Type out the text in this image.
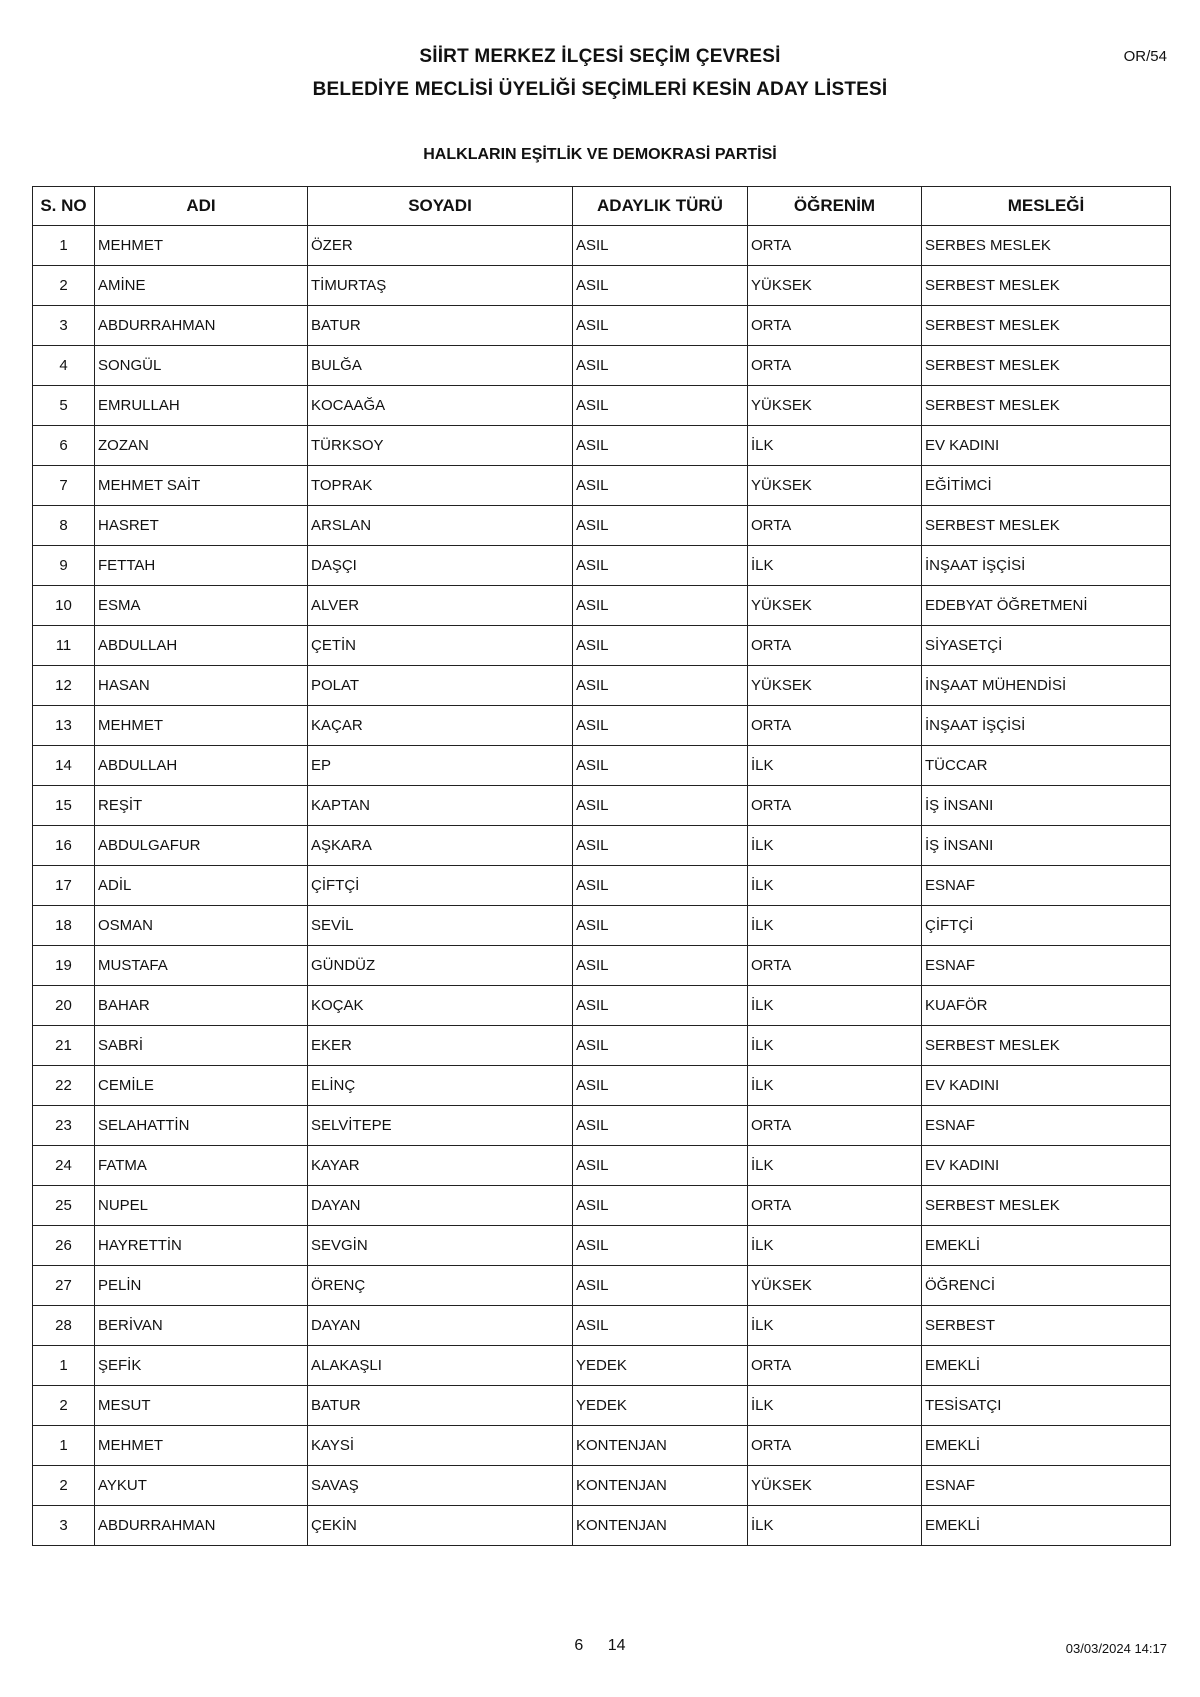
SİİRT MERKEZ İLÇESİ SEÇİM ÇEVRESİ
BELEDİYE MECLİSİ ÜYELİĞİ SEÇİMLERİ KESİN ADAY LİSTESİ
OR/54
HALKLARIN EŞİTLİK VE DEMOKRASİ PARTİSİ
S. NO	ADI	SOYADI	ADAYLIK TÜRÜ	ÖĞRENİM	MESLEĞİ
1	MEHMET	ÖZER	ASIL	ORTA	SERBES MESLEK
2	AMİNE	TİMURTAŞ	ASIL	YÜKSEK	SERBEST MESLEK
3	ABDURRAHMAN	BATUR	ASIL	ORTA	SERBEST MESLEK
4	SONGÜL	BULĞA	ASIL	ORTA	SERBEST MESLEK
5	EMRULLAH	KOCAAĞA	ASIL	YÜKSEK	SERBEST MESLEK
6	ZOZAN	TÜRKSOY	ASIL	İLK	EV KADINI
7	MEHMET SAİT	TOPRAK	ASIL	YÜKSEK	EĞİTİMCİ
8	HASRET	ARSLAN	ASIL	ORTA	SERBEST MESLEK
9	FETTAH	DAŞÇI	ASIL	İLK	İNŞAAT İŞÇİSİ
10	ESMA	ALVER	ASIL	YÜKSEK	EDEBYAT ÖĞRETMENİ
11	ABDULLAH	ÇETİN	ASIL	ORTA	SİYASETÇİ
12	HASAN	POLAT	ASIL	YÜKSEK	İNŞAAT MÜHENDİSİ
13	MEHMET	KAÇAR	ASIL	ORTA	İNŞAAT İŞÇİSİ
14	ABDULLAH	EP	ASIL	İLK	TÜCCAR
15	REŞİT	KAPTAN	ASIL	ORTA	İŞ İNSANI
16	ABDULGAFUR	AŞKARA	ASIL	İLK	İŞ İNSANI
17	ADİL	ÇİFTÇİ	ASIL	İLK	ESNAF
18	OSMAN	SEVİL	ASIL	İLK	ÇİFTÇİ
19	MUSTAFA	GÜNDÜZ	ASIL	ORTA	ESNAF
20	BAHAR	KOÇAK	ASIL	İLK	KUAFÖR
21	SABRİ	EKER	ASIL	İLK	SERBEST MESLEK
22	CEMİLE	ELİNÇ	ASIL	İLK	EV KADINI
23	SELAHATTİN	SELVİTEPE	ASIL	ORTA	ESNAF
24	FATMA	KAYAR	ASIL	İLK	EV KADINI
25	NUPEL	DAYAN	ASIL	ORTA	SERBEST MESLEK
26	HAYRETTİN	SEVGİN	ASIL	İLK	EMEKLİ
27	PELİN	ÖRENÇ	ASIL	YÜKSEK	ÖĞRENCİ
28	BERİVAN	DAYAN	ASIL	İLK	SERBEST
1	ŞEFİK	ALAKAŞLI	YEDEK	ORTA	EMEKLİ
2	MESUT	BATUR	YEDEK	İLK	TESİSATÇI
1	MEHMET	KAYSİ	KONTENJAN	ORTA	EMEKLİ
2	AYKUT	SAVAŞ	KONTENJAN	YÜKSEK	ESNAF
3	ABDURRAHMAN	ÇEKİN	KONTENJAN	İLK	EMEKLİ
6 14	03/03/2024 14:17
